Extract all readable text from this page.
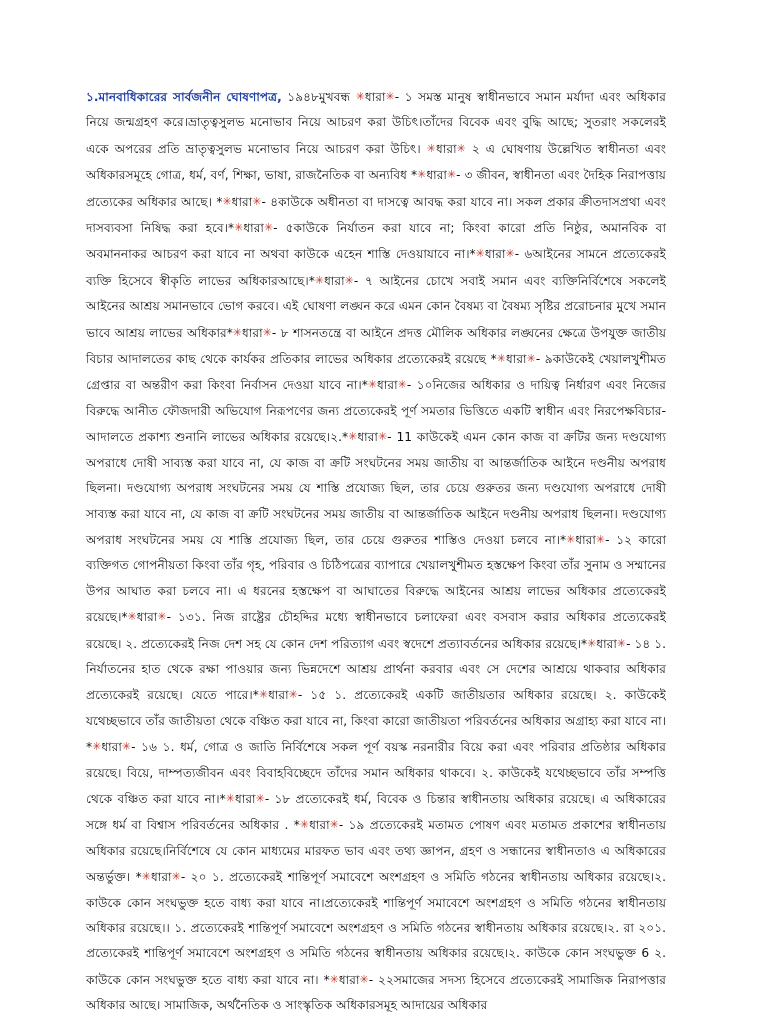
১.মানবাধিকারের সার্বজনীন ঘোষণাপত্র, ১৯৪৮মুখবন্ধ ✳ধারা✳- ১ সমস্ত মানুষ স্বাধীনভাবে সমান মর্যাদা এবং অধিকার নিয়ে জন্মগ্রহণ করে।ভ্রাতৃত্বসুলভ মনোভাব নিয়ে আচরণ করা উচিৎ।তাঁদের বিবেক এবং বুদ্ধি আছে; সুতরাং সকলেরই একে অপরের প্রতি ভ্রাতৃত্বসুলভ মনোভাব নিয়ে আচরণ করা উচিৎ। ✳ধারা✳ ২ এ ঘোষণায় উল্লেখিত স্বাধীনতা এবং অধিকারসমূহে গোত্র, ধর্ম, বর্ণ, শিক্ষা, ভাষা, রাজনৈতিক বা অন্যবিধ *✳ধারা✳- ৩ জীবন, স্বাধীনতা এবং দৈহিক নিরাপত্তায় প্রত্যেকের অধিকার আছে। *✳ধারা✳- ৪কাউকে অধীনতা বা দাসত্বে আবদ্ধ করা যাবে না। সকল প্রকার ক্রীতদাসপ্রথা এবং দাসব্যবসা নিষিদ্ধ করা হবে।*✳ধারা✳- ৫কাউকে নির্যাতন করা যাবে না; কিংবা কারো প্রতি নিষ্ঠুর, অমানবিক বা অবমাননাকর আচরণ করা যাবে না অথবা কাউকে এহেন শাস্তি দেওয়াযাবে না।*✳ধারা✳- ৬আইনের সামনে প্রত্যেকেরই ব্যক্তি হিসেবে স্বীকৃতি লাভের অধিকারআছে।*✳ধারা✳- ৭ আইনের চোখে সবাই সমান এবং ব্যক্তিনির্বিশেষে সকলেই আইনের আশ্রয় সমানভাবে ভোগ করবে। এই ঘোষণা লঙ্ঘন করে এমন কোন বৈষম্য বা বৈষম্য সৃষ্টির প্ররোচনার মুখে সমান ভাবে আশ্রয় লাভের অধিকার*✳ধারা✳- ৮ শাসনতন্ত্রে বা আইনে প্রদত্ত মৌলিক অধিকার লঙ্ঘনের ক্ষেত্রে উপযুক্ত জাতীয় বিচার আদালতের কাছ থেকে কার্যকর প্রতিকার লাভের অধিকার প্রত্যেকেরই রয়েছে *✳ধারা✳- ৯কাউকেই খেয়ালখুশীমত গ্রেপ্তার বা অন্তরীণ করা কিংবা নির্বাসন দেওয়া যাবে না।*✳ধারা✳- ১০নিজের অধিকার ও দায়িত্ব নির্ধারণ এবং নিজের বিরুদ্ধে আনীত ফৌজদারী অভিযোগ নিরূপণের জন্য প্রত্যেকেরই পূর্ণ সমতার ভিত্তিতে একটি স্বাধীন এবং নিরপেক্ষবিচার-আদালতে প্রকাশ্য শুনানি লাভের অধিকার রয়েছে।২.*✳ধারা✳- 11 কাউকেই এমন কোন কাজ বা ক্রটির জন্য দণ্ডযোগ্য অপরাধে দোষী সাব্যস্ত করা যাবে না, যে কাজ বা ক্রটি সংঘটনের সময় জাতীয় বা আন্তর্জাতিক আইনে দণ্ডনীয় অপরাধ ছিলনা। দণ্ডযোগ্য অপরাধ সংঘটনের সময় যে শাস্তি প্রযোজ্য ছিল, তার চেয়ে গুরুতর জন্য দণ্ডযোগ্য অপরাধে দোষী সাব্যস্ত করা যাবে না, যে কাজ বা ক্রটি সংঘটনের সময় জাতীয় বা আন্তর্জাতিক আইনে দণ্ডনীয় অপরাধ ছিলনা। দণ্ডযোগ্য অপরাধ সংঘটনের সময় যে শাস্তি প্রযোজ্য ছিল, তার চেয়ে গুরুতর শাস্তিও দেওয়া চলবে না।*✳ধারা✳- ১২ কারো ব্যক্তিগত গোপনীয়তা কিংবা তাঁর গৃহ, পরিবার ও চিঠিপত্রের ব্যাপারে খেয়ালখুশীমত হস্তক্ষেপ কিংবা তাঁর সুনাম ও সম্মানের উপর আঘাত করা চলবে না। এ ধরনের হস্তক্ষেপ বা আঘাতের বিরুদ্ধে আইনের আশ্রয় লাভের অধিকার প্রত্যেকেরই রয়েছে।*✳ধারা✳- ১৩১. নিজ রাষ্ট্রের চৌহদ্দির মধ্যে স্বাধীনভাবে চলাফেরা এবং বসবাস করার অধিকার প্রত্যেকেরই রয়েছে। ২. প্রত্যেকেরই নিজ দেশ সহ যে কোন দেশ পরিত্যাগ এবং স্বদেশে প্রত্যাবর্তনের অধিকার রয়েছে।*✳ধারা✳- ১৪ ১. নির্যাতনের হাত থেকে রক্ষা পাওয়ার জন্য ভিন্নদেশে আশ্রয় প্রার্থনা করবার এবং সে দেশের আশ্রয়ে থাকবার অধিকার প্রত্যেকেরই রয়েছে। যেতে পারে।*✳ধারা✳- ১৫ ১. প্রত্যেকেরই একটি জাতীয়তার অধিকার রয়েছে। ২. কাউকেই যথেচ্ছভাবে তাঁর জাতীয়তা থেকে বঞ্চিত করা যাবে না, কিংবা কারো জাতীয়তা পরিবর্তনের অধিকার অগ্রাহ্য করা যাবে না। *✳ধারা✳- ১৬ ১. ধর্ম, গোত্র ও জাতি নির্বিশেষে সকল পূর্ণ বয়স্ক নরনারীর বিয়ে করা এবং পরিবার প্রতিষ্ঠার অধিকার রয়েছে। বিয়ে, দাম্পত্যজীবন এবং বিবাহবিচ্ছেদে তাঁদের সমান অধিকার থাকবে। ২. কাউকেই যথেচ্ছভাবে তাঁর সম্পত্তি থেকে বঞ্চিত করা যাবে না।*✳ধারা✳- ১৮ প্রত্যেকেরই ধর্ম, বিবেক ও চিন্তার স্বাধীনতায় অধিকার রয়েছে। এ অধিকারের সঙ্গে ধর্ম বা বিশ্বাস পরিবর্তনের অধিকার . *✳ধারা✳- ১৯ প্রত্যেকেরই মতামত পোষণ এবং মতামত প্রকাশের স্বাধীনতায় অধিকার রয়েছে।নির্বিশেষে যে কোন মাধ্যমের মারফত ভাব এবং তথ্য জ্ঞাপন, গ্রহণ ও সন্ধানের স্বাধীনতাও এ অধিকারের অন্তর্ভুক্ত। *✳ধারা✳- ২০ ১. প্রত্যেকেরই শান্তিপূর্ণ সমাবেশে অংশগ্রহণ ও সমিতি গঠনের স্বাধীনতায় অধিকার রয়েছে।২. কাউকে কোন সংঘভুক্ত হতে বাধ্য করা যাবে না।প্রত্যেকেরই শান্তিপূর্ণ সমাবেশে অংশগ্রহণ ও সমিতি গঠনের স্বাধীনতায় অধিকার রয়েছে।। ১. প্রত্যেকেরই শান্তিপূর্ণ সমাবেশে অংশগ্রহণ ও সমিতি গঠনের স্বাধীনতায় অধিকার রয়েছে।২. রা ২০১. প্রত্যেকেরই শান্তিপূর্ণ সমাবেশে অংশগ্রহণ ও সমিতি গঠনের স্বাধীনতায় অধিকার রয়েছে।২. কাউকে কোন সংঘভুক্ত 6 ২. কাউকে কোন সংঘভুক্ত হতে বাধ্য করা যাবে না। *✳ধারা✳- ২২সমাজের সদস্য হিসেবে প্রত্যেকেরই সামাজিক নিরাপত্তার অধিকার আছে। সামাজিক, অর্থনৈতিক ও সাংস্কৃতিক অধিকারসমূহ আদায়ের অধিকার
